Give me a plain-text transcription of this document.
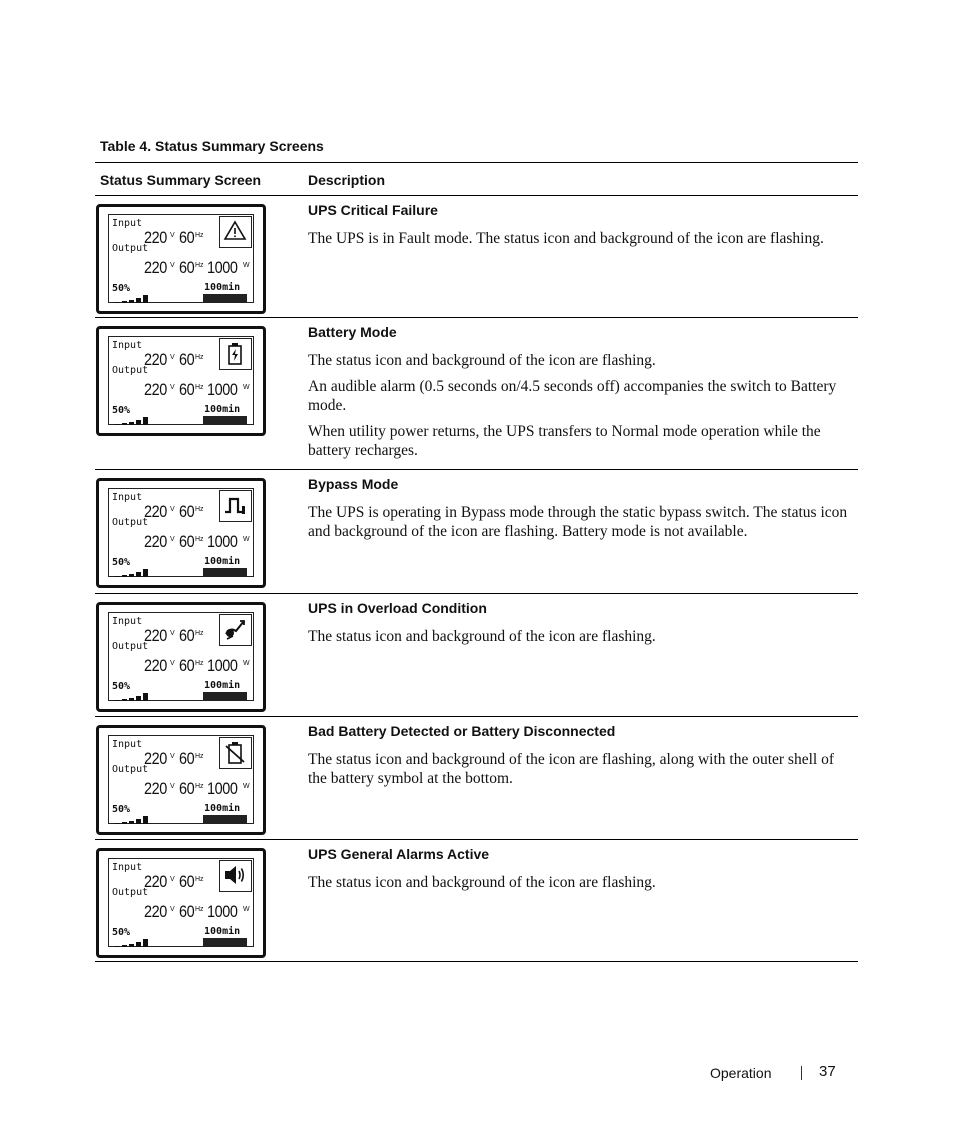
Table 4. Status Summary Screens
Status Summary Screen	Description
Input
220 V 60 Hz
Output
220 V 60 Hz 1000 W
50%	100min
UPS Critical Failure
The UPS is in Fault mode. The status icon and background of the icon are flashing.
Input
220 V 60 Hz
Output
220 V 60 Hz 1000 W
50%	100min
Battery Mode
The status icon and background of the icon are flashing.
An audible alarm (0.5 seconds on/4.5 seconds off) accompanies the switch to Battery mode.
When utility power returns, the UPS transfers to Normal mode operation while the battery recharges.
Input
220 V 60 Hz
Output
220 V 60 Hz 1000 W
50%	100min
Bypass Mode
The UPS is operating in Bypass mode through the static bypass switch. The status icon and background of the icon are flashing. Battery mode is not available.
Input
220 V 60 Hz
Output
220 V 60 Hz 1000 W
50%	100min
UPS in Overload Condition
The status icon and background of the icon are flashing.
Input
220 V 60 Hz
Output
220 V 60 Hz 1000 W
50%	100min
Bad Battery Detected or Battery Disconnected
The status icon and background of the icon are flashing, along with the outer shell of the battery symbol at the bottom.
Input
220 V 60 Hz
Output
220 V 60 Hz 1000 W
50%	100min
UPS General Alarms Active
The status icon and background of the icon are flashing.
Operation	37
